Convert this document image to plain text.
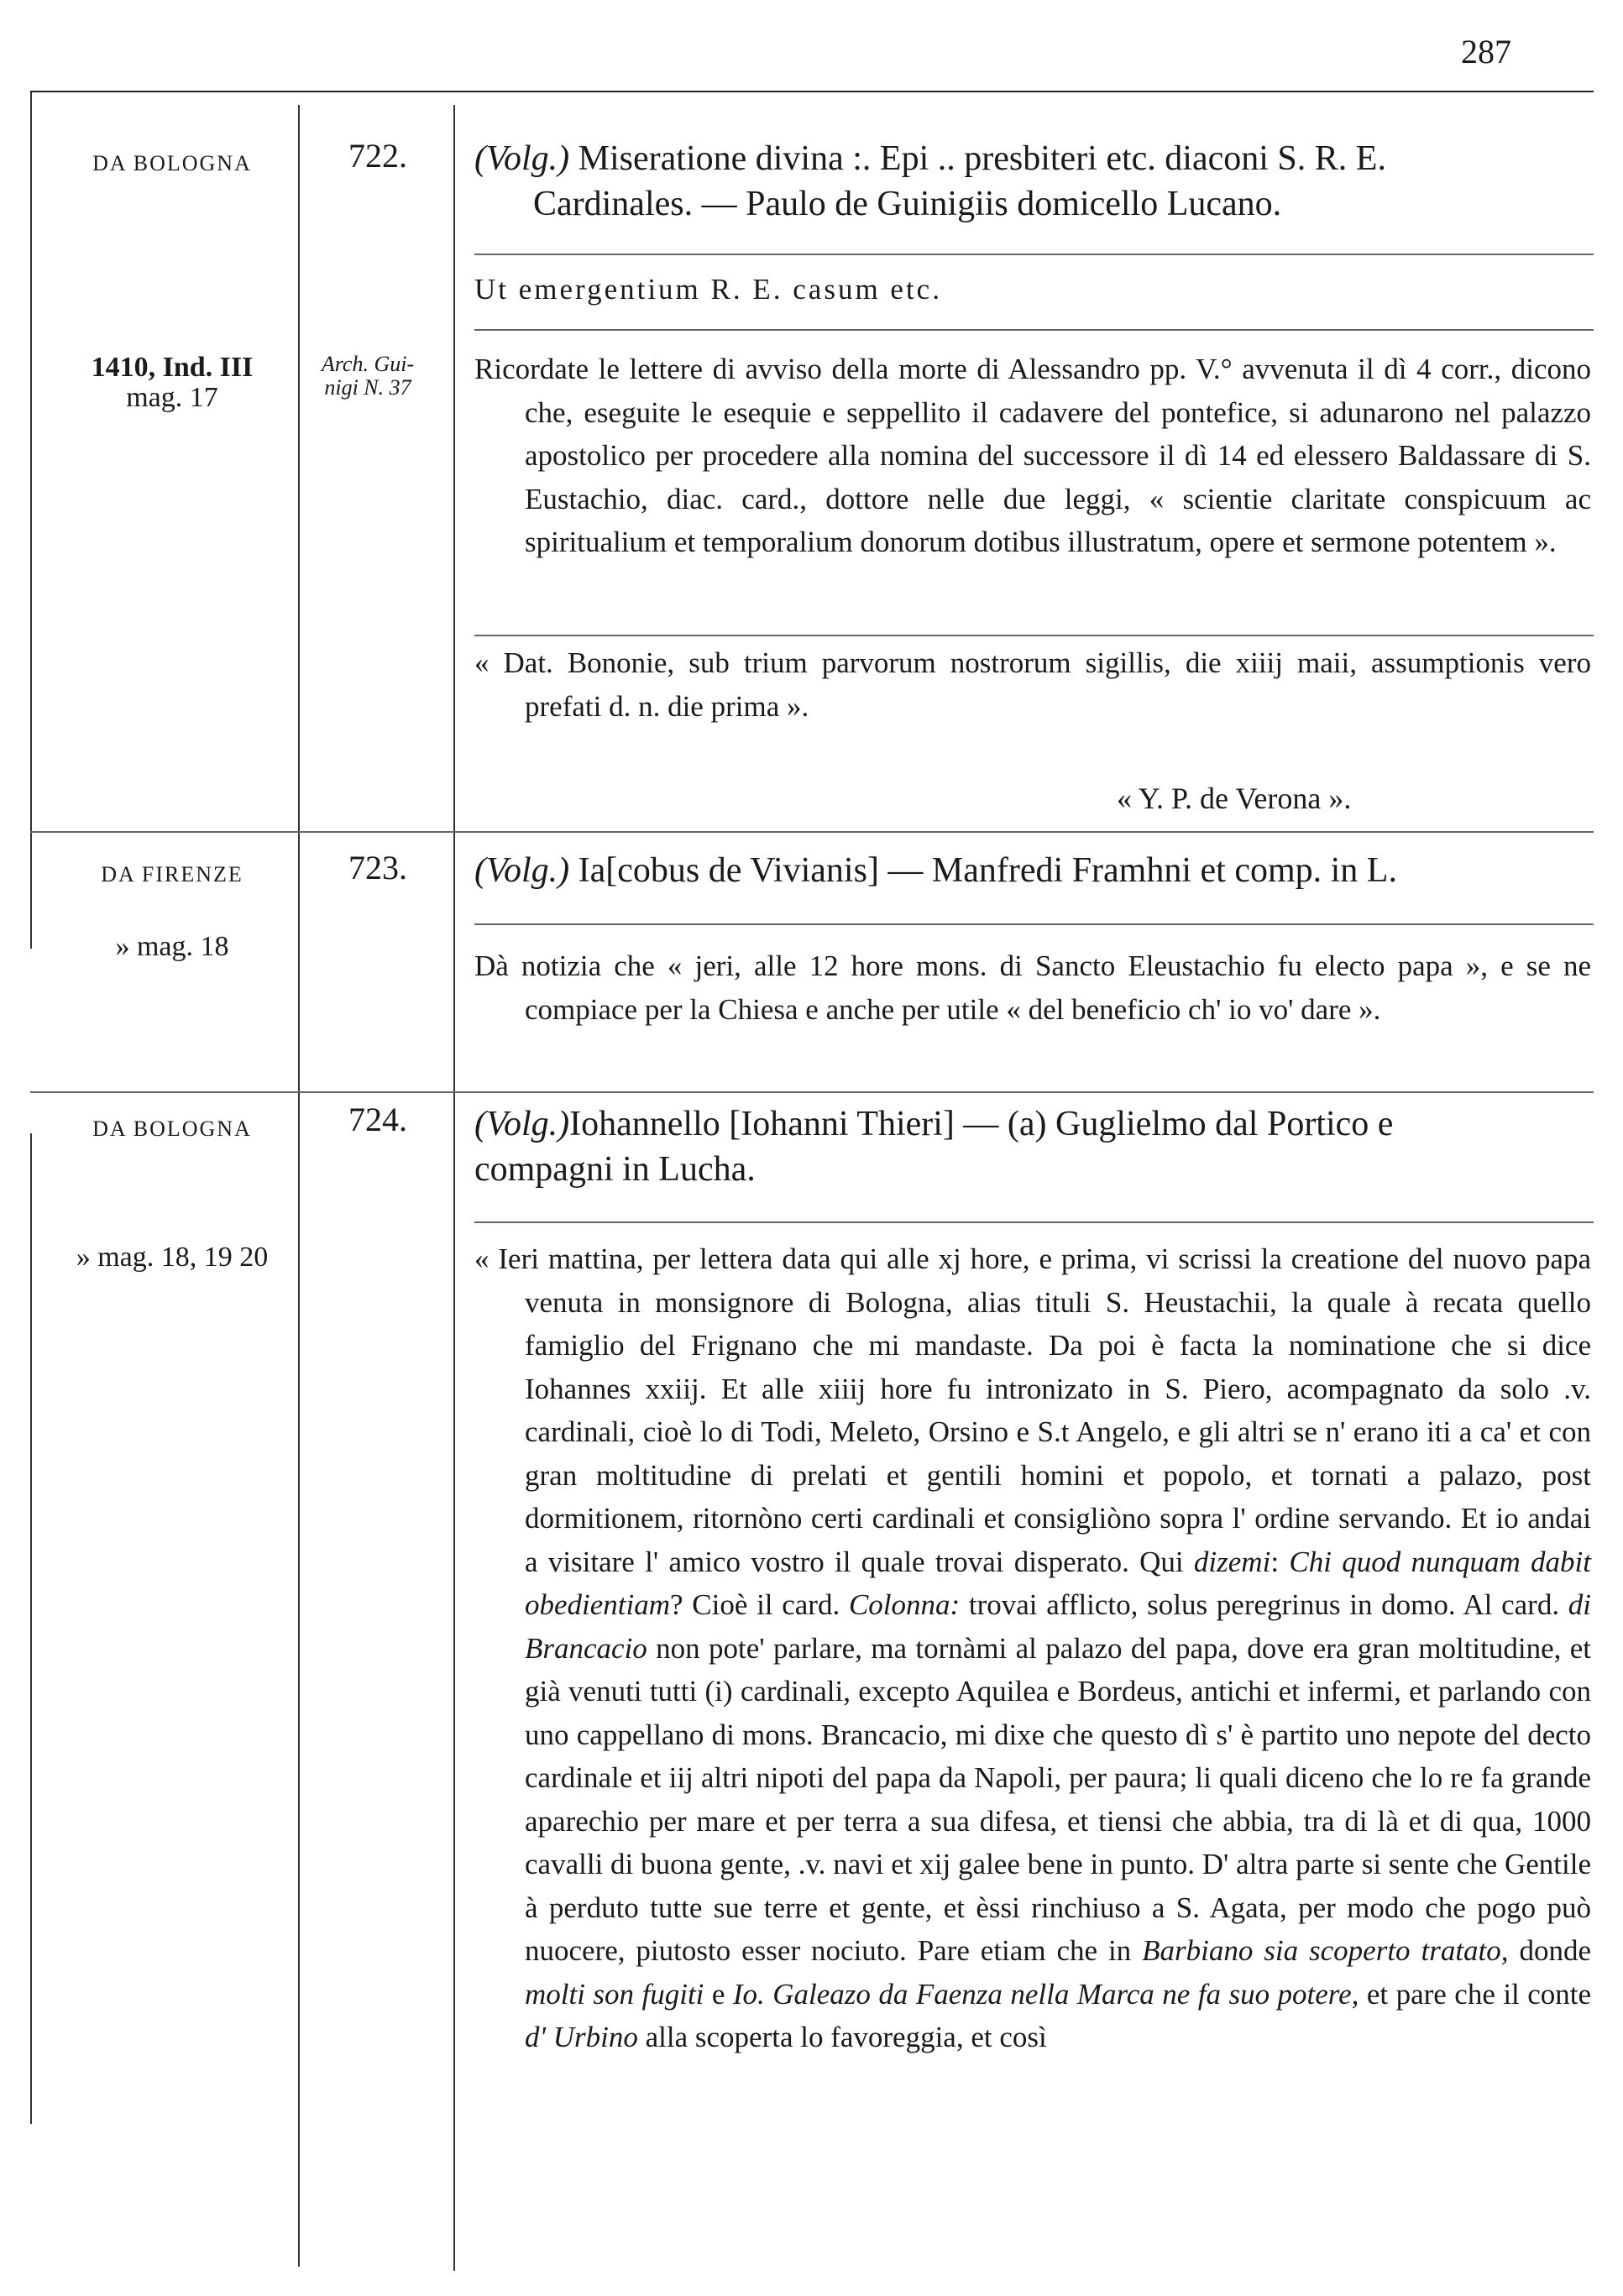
287
DA BOLOGNA
1410, Ind. III
mag. 17
722.
Arch. Gui-
nigi N. 37
(Volg.) Miseratione divina :. Epi .. presbiteri etc. diaconi S. R. E.
Cardinales. — Paulo de Guinigiis domicello Lucano.
Ut emergentium R. E. casum etc.
Ricordate le lettere di avviso della morte di Alessandro pp. V.° avvenuta il dì 4 corr., dicono che, eseguite le esequie e seppellito il cadavere del pontefice, si adunarono nel palazzo apostolico per procedere alla nomina del successore il dì 14 ed elessero Baldassare di S. Eustachio, diac. card., dottore nelle due leggi, « scientie claritate conspicuum ac spiritualium et temporalium donorum dotibus illustratum, opere et sermone potentem ».
« Dat. Bononie, sub trium parvorum nostrorum sigillis, die xiiij maii, assumptionis vero prefati d. n. die prima ».
« Y. P. de Verona ».
DA FIRENZE
» mag. 18
723.	(Volg.) Ia[cobus de Vivianis] — Manfredi Framhni et comp. in L.
Dà notizia che « jeri, alle 12 hore mons. di Sancto Eleustachio fu electo papa », e se ne compiace per la Chiesa e anche per utile « del beneficio ch' io vo' dare ».
DA BOLOGNA
» mag. 18, 19 20
724.	(Volg.)Iohannello [Iohanni Thieri] — (a) Guglielmo dal Portico e
compagni in Lucha.
« Ieri mattina, per lettera data qui alle xj hore, e prima, vi scrissi la creatione del nuovo papa venuta in monsignore di Bologna, alias tituli S. Heustachii, la quale à recata quello famiglio del Frignano che mi mandaste. Da poi è facta la nominatione che si dice Iohannes xxiij. Et alle xiiij hore fu intronizato in S. Piero, acompagnato da solo .v. cardinali, cioè lo di Todi, Meleto, Orsino e S.t Angelo, e gli altri se n' erano iti a ca' et con gran moltitudine di prelati et gentili homini et popolo, et tornati a palazo, post dormitionem, ritornòno certi cardinali et consigliòno sopra l' ordine servando. Et io andai a visitare l' amico vostro il quale trovai disperato. Qui dizemi: Chi quod nunquam dabit obedientiam? Cioè il card. Colonna: trovai afflicto, solus peregrinus in domo. Al card. di Brancacio non pote' parlare, ma tornàmi al palazo del papa, dove era gran moltitudine, et già venuti tutti (i) cardinali, excepto Aquilea e Bordeus, antichi et infermi, et parlando con uno cappellano di mons. Brancacio, mi dixe che questo dì s' è partito uno nepote del decto cardinale et iij altri nipoti del papa da Napoli, per paura; li quali diceno che lo re fa grande aparechio per mare et per terra a sua difesa, et tiensi che abbia, tra di là et di qua, 1000 cavalli di buona gente, .v. navi et xij galee bene in punto. D' altra parte si sente che Gentile à perduto tutte sue terre et gente, et èssi rinchiuso a S. Agata, per modo che pogo può nuocere, piutosto esser nociuto. Pare etiam che in Barbiano sia scoperto tratato, donde molti son fugiti e Io. Galeazo da Faenza nella Marca ne fa suo potere, et pare che il conte d' Urbino alla scoperta lo favoreggia, et così
